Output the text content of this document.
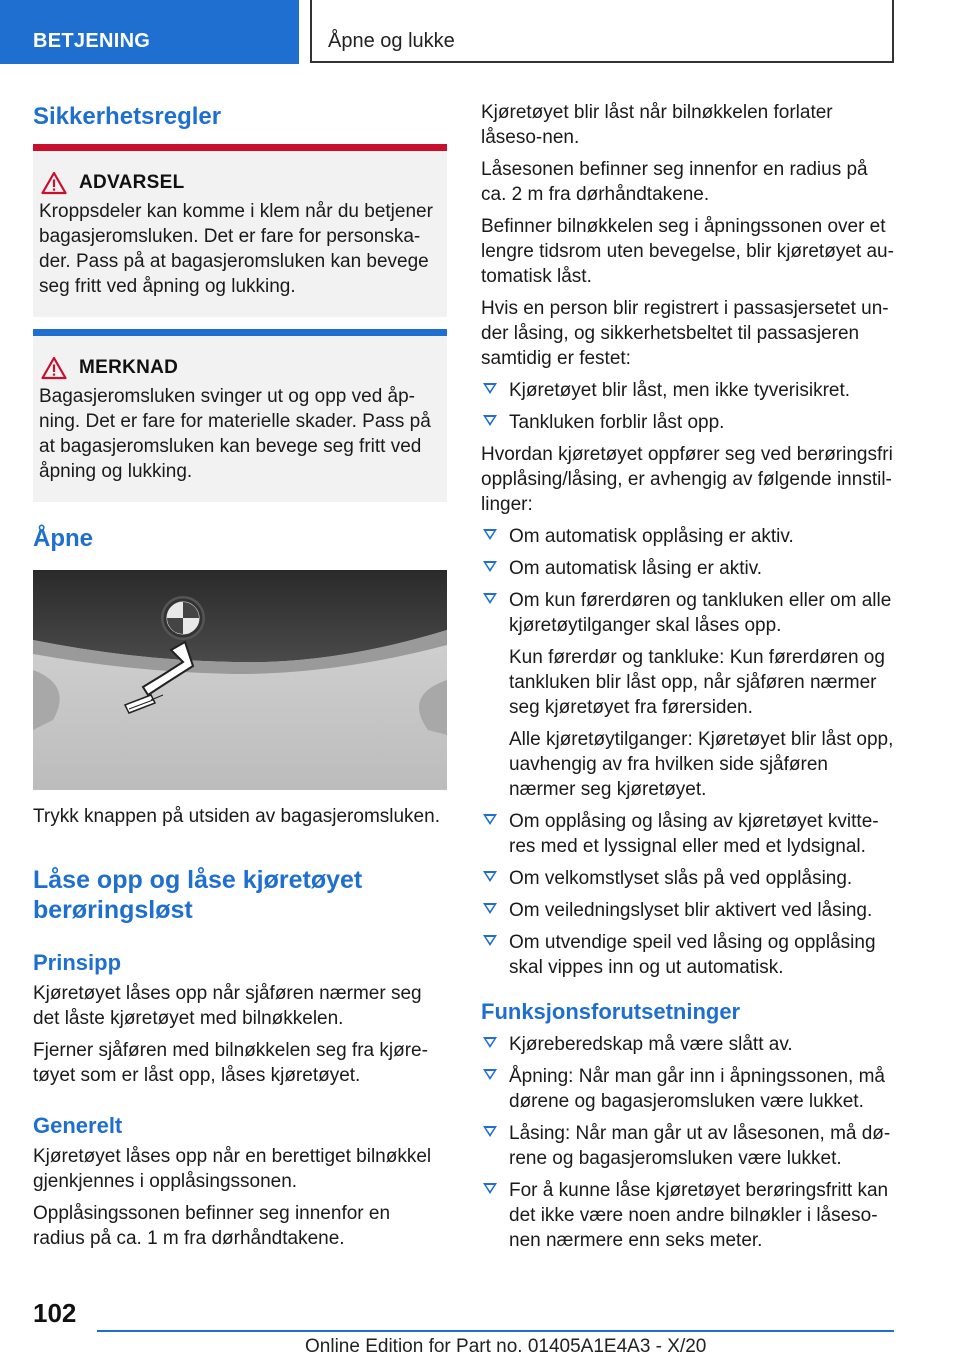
BETJENING	Åpne og lukke
Sikkerhetsregler
ADVARSEL

Kroppsdeler kan komme i klem når du betjener bagasjeromsluken. Det er fare for personska-der. Pass på at bagasjeromsluken kan bevege seg fritt ved åpning og lukking.

MERKNAD

Bagasjeromsluken svinger ut og opp ved åp-ning. Det er fare for materielle skader. Pass på at bagasjeromsluken kan bevege seg fritt ved åpning og lukking.

Åpne

Trykk knappen på utsiden av bagasjeromsluken.

Låse opp og låse kjøretøyet berøringsløst
Prinsipp

Kjøretøyet låses opp når sjåføren nærmer seg det låste kjøretøyet med bilnøkkelen.

Fjerner sjåføren med bilnøkkelen seg fra kjøre-tøyet som er låst opp, låses kjøretøyet.

Generelt

Kjøretøyet låses opp når en berettiget bilnøkkel gjenkjennes i opplåsingssonen.

Opplåsingssonen befinner seg innenfor en radius på ca. 1 m fra dørhåndtakene.

Kjøretøyet blir låst når bilnøkkelen forlater låseso-nen.

Låsesonen befinner seg innenfor en radius på ca. 2 m fra dørhåndtakene.

Befinner bilnøkkelen seg i åpningssonen over et lengre tidsrom uten bevegelse, blir kjøretøyet au-tomatisk låst.

Hvis en person blir registrert i passasjersetet un-der låsing, og sikkerhetsbeltet til passasjeren samtidig er festet:

Kjøretøyet blir låst, men ikke tyverisikret.
Tankluken forblir låst opp.

Hvordan kjøretøyet oppfører seg ved berøringsfri opplåsing/låsing, er avhengig av følgende innstil-linger:

Om automatisk opplåsing er aktiv.
Om automatisk låsing er aktiv.
Om kun førerdøren og tankluken eller om alle kjøretøytilganger skal låses opp.
Kun førerdør og tankluke: Kun førerdøren og tankluken blir låst opp, når sjåføren nærmer seg kjøretøyet fra førersiden.
Alle kjøretøytilganger: Kjøretøyet blir låst opp, uavhengig av fra hvilken side sjåføren nærmer seg kjøretøyet.
Om opplåsing og låsing av kjøretøyet kvitte-res med et lyssignal eller med et lydsignal.
Om velkomstlyset slås på ved opplåsing.
Om veiledningslyset blir aktivert ved låsing.
Om utvendige speil ved låsing og opplåsing skal vippes inn og ut automatisk.
Funksjonsforutsetninger
Kjøreberedskap må være slått av.
Åpning: Når man går inn i åpningssonen, må dørene og bagasjeromsluken være lukket.
Låsing: Når man går ut av låsesonen, må dø-rene og bagasjeromsluken være lukket.
For å kunne låse kjøretøyet berøringsfritt kan det ikke være noen andre bilnøkler i låseso-nen nærmere enn seks meter.
102
Online Edition for Part no. 01405A1E4A3 - X/20
